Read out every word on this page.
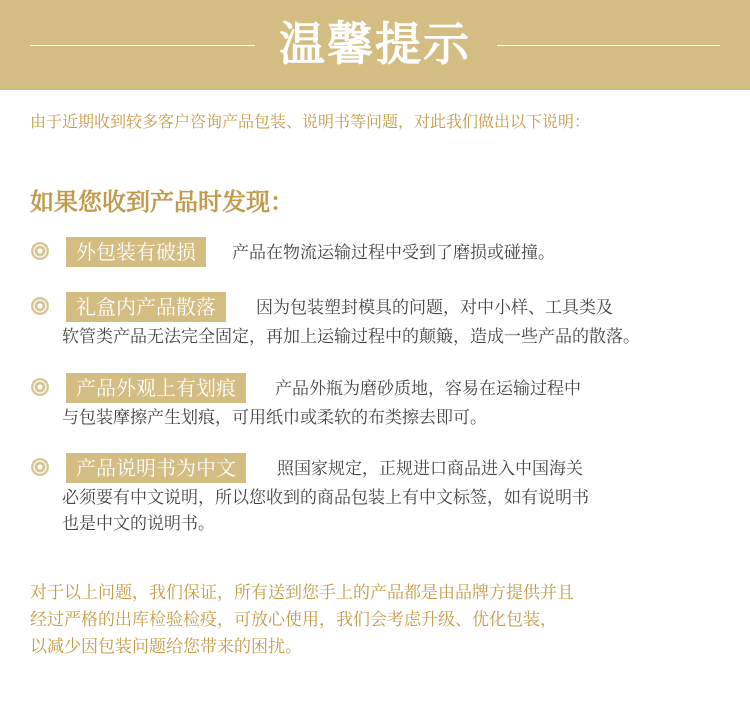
温馨提示
由于近期收到较多客户咨询产品包装、说明书等问题，对此我们做出以下说明：
如果您收到产品时发现：
外包装有破损	产品在物流运输过程中受到了磨损或碰撞。
礼盒内产品散落	因为包装塑封模具的问题，对中小样、工具类及
软管类产品无法完全固定，再加上运输过程中的颠簸，造成一些产品的散落。
产品外观上有划痕	产品外瓶为磨砂质地，容易在运输过程中
与包装摩擦产生划痕，可用纸巾或柔软的布类擦去即可。
产品说明书为中文	照国家规定，正规进口商品进入中国海关
必须要有中文说明，所以您收到的商品包装上有中文标签，如有说明书
也是中文的说明书。
对于以上问题，我们保证，所有送到您手上的产品都是由品牌方提供并且
经过严格的出库检验检疫，可放心使用，我们会考虑升级、优化包装，
以减少因包装问题给您带来的困扰。
